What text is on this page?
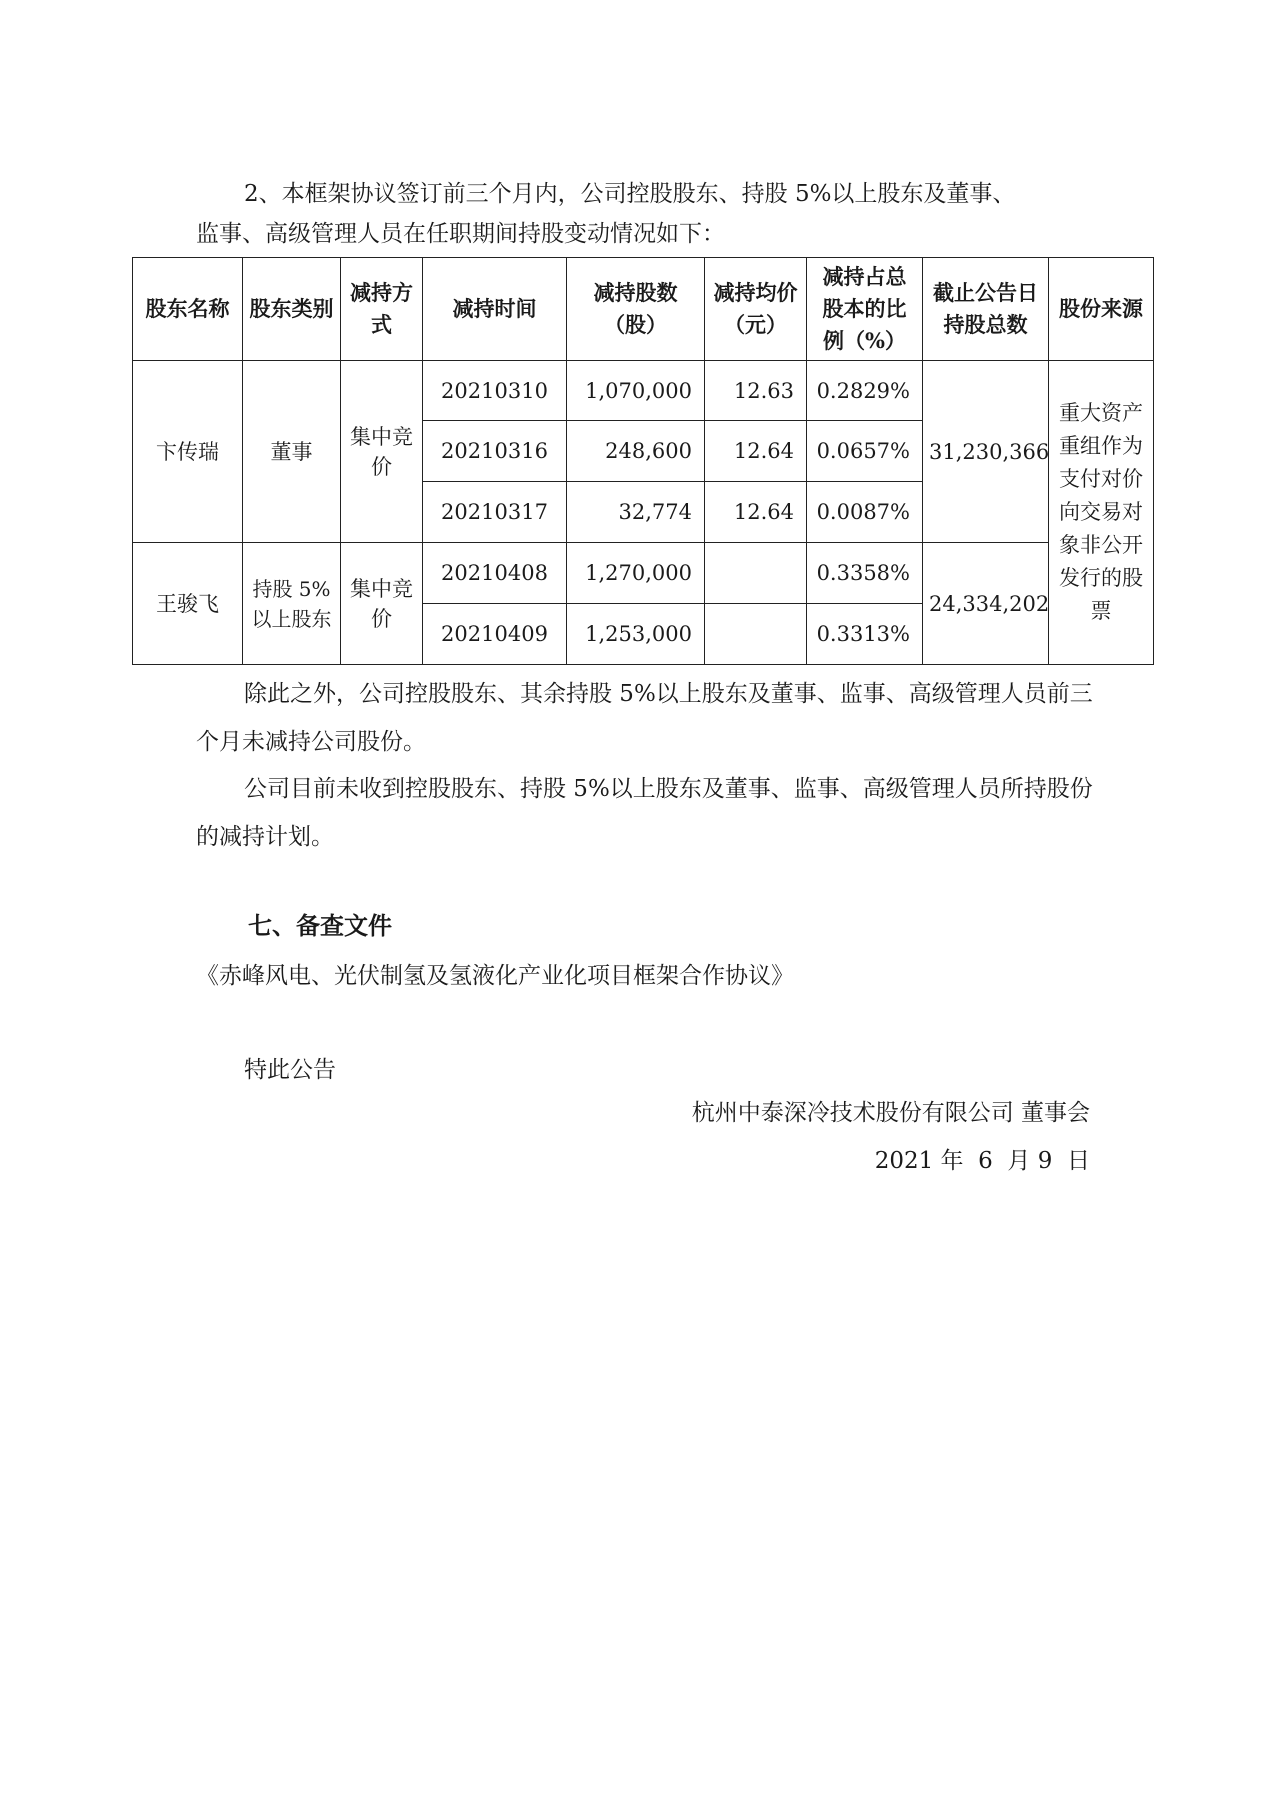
2、本框架协议签订前三个月内，公司控股股东、持股 5%以上股东及董事、

监事、高级管理人员在任职期间持股变动情况如下：

股东名称	股东类别	减持方式	减持时间	减持股数（股）	减持均价（元）	减持占总股本的比例（%）	截止公告日持股总数	股份来源
卞传瑞	董事	集中竞价	20210310	1,070,000	12.63	0.2829%	31,230,366	重大资产重组作为支付对价向交易对象非公开发行的股票
			20210316	248,600	12.64	0.0657%		
			20210317	32,774	12.64	0.0087%		
王骏飞	持股 5%以上股东	集中竞价	20210408	1,270,000		0.3358%	24,334,202	
			20210409	1,253,000		0.3313%		

除此之外，公司控股股东、其余持股 5%以上股东及董事、监事、高级管理人员前三个月未减持公司股份。

公司目前未收到控股股东、持股 5%以上股东及董事、监事、高级管理人员所持股份的减持计划。

七、备查文件

《赤峰风电、光伏制氢及氢液化产业化项目框架合作协议》

特此公告

杭州中泰深冷技术股份有限公司 董事会

2021 年  6  月 9  日
